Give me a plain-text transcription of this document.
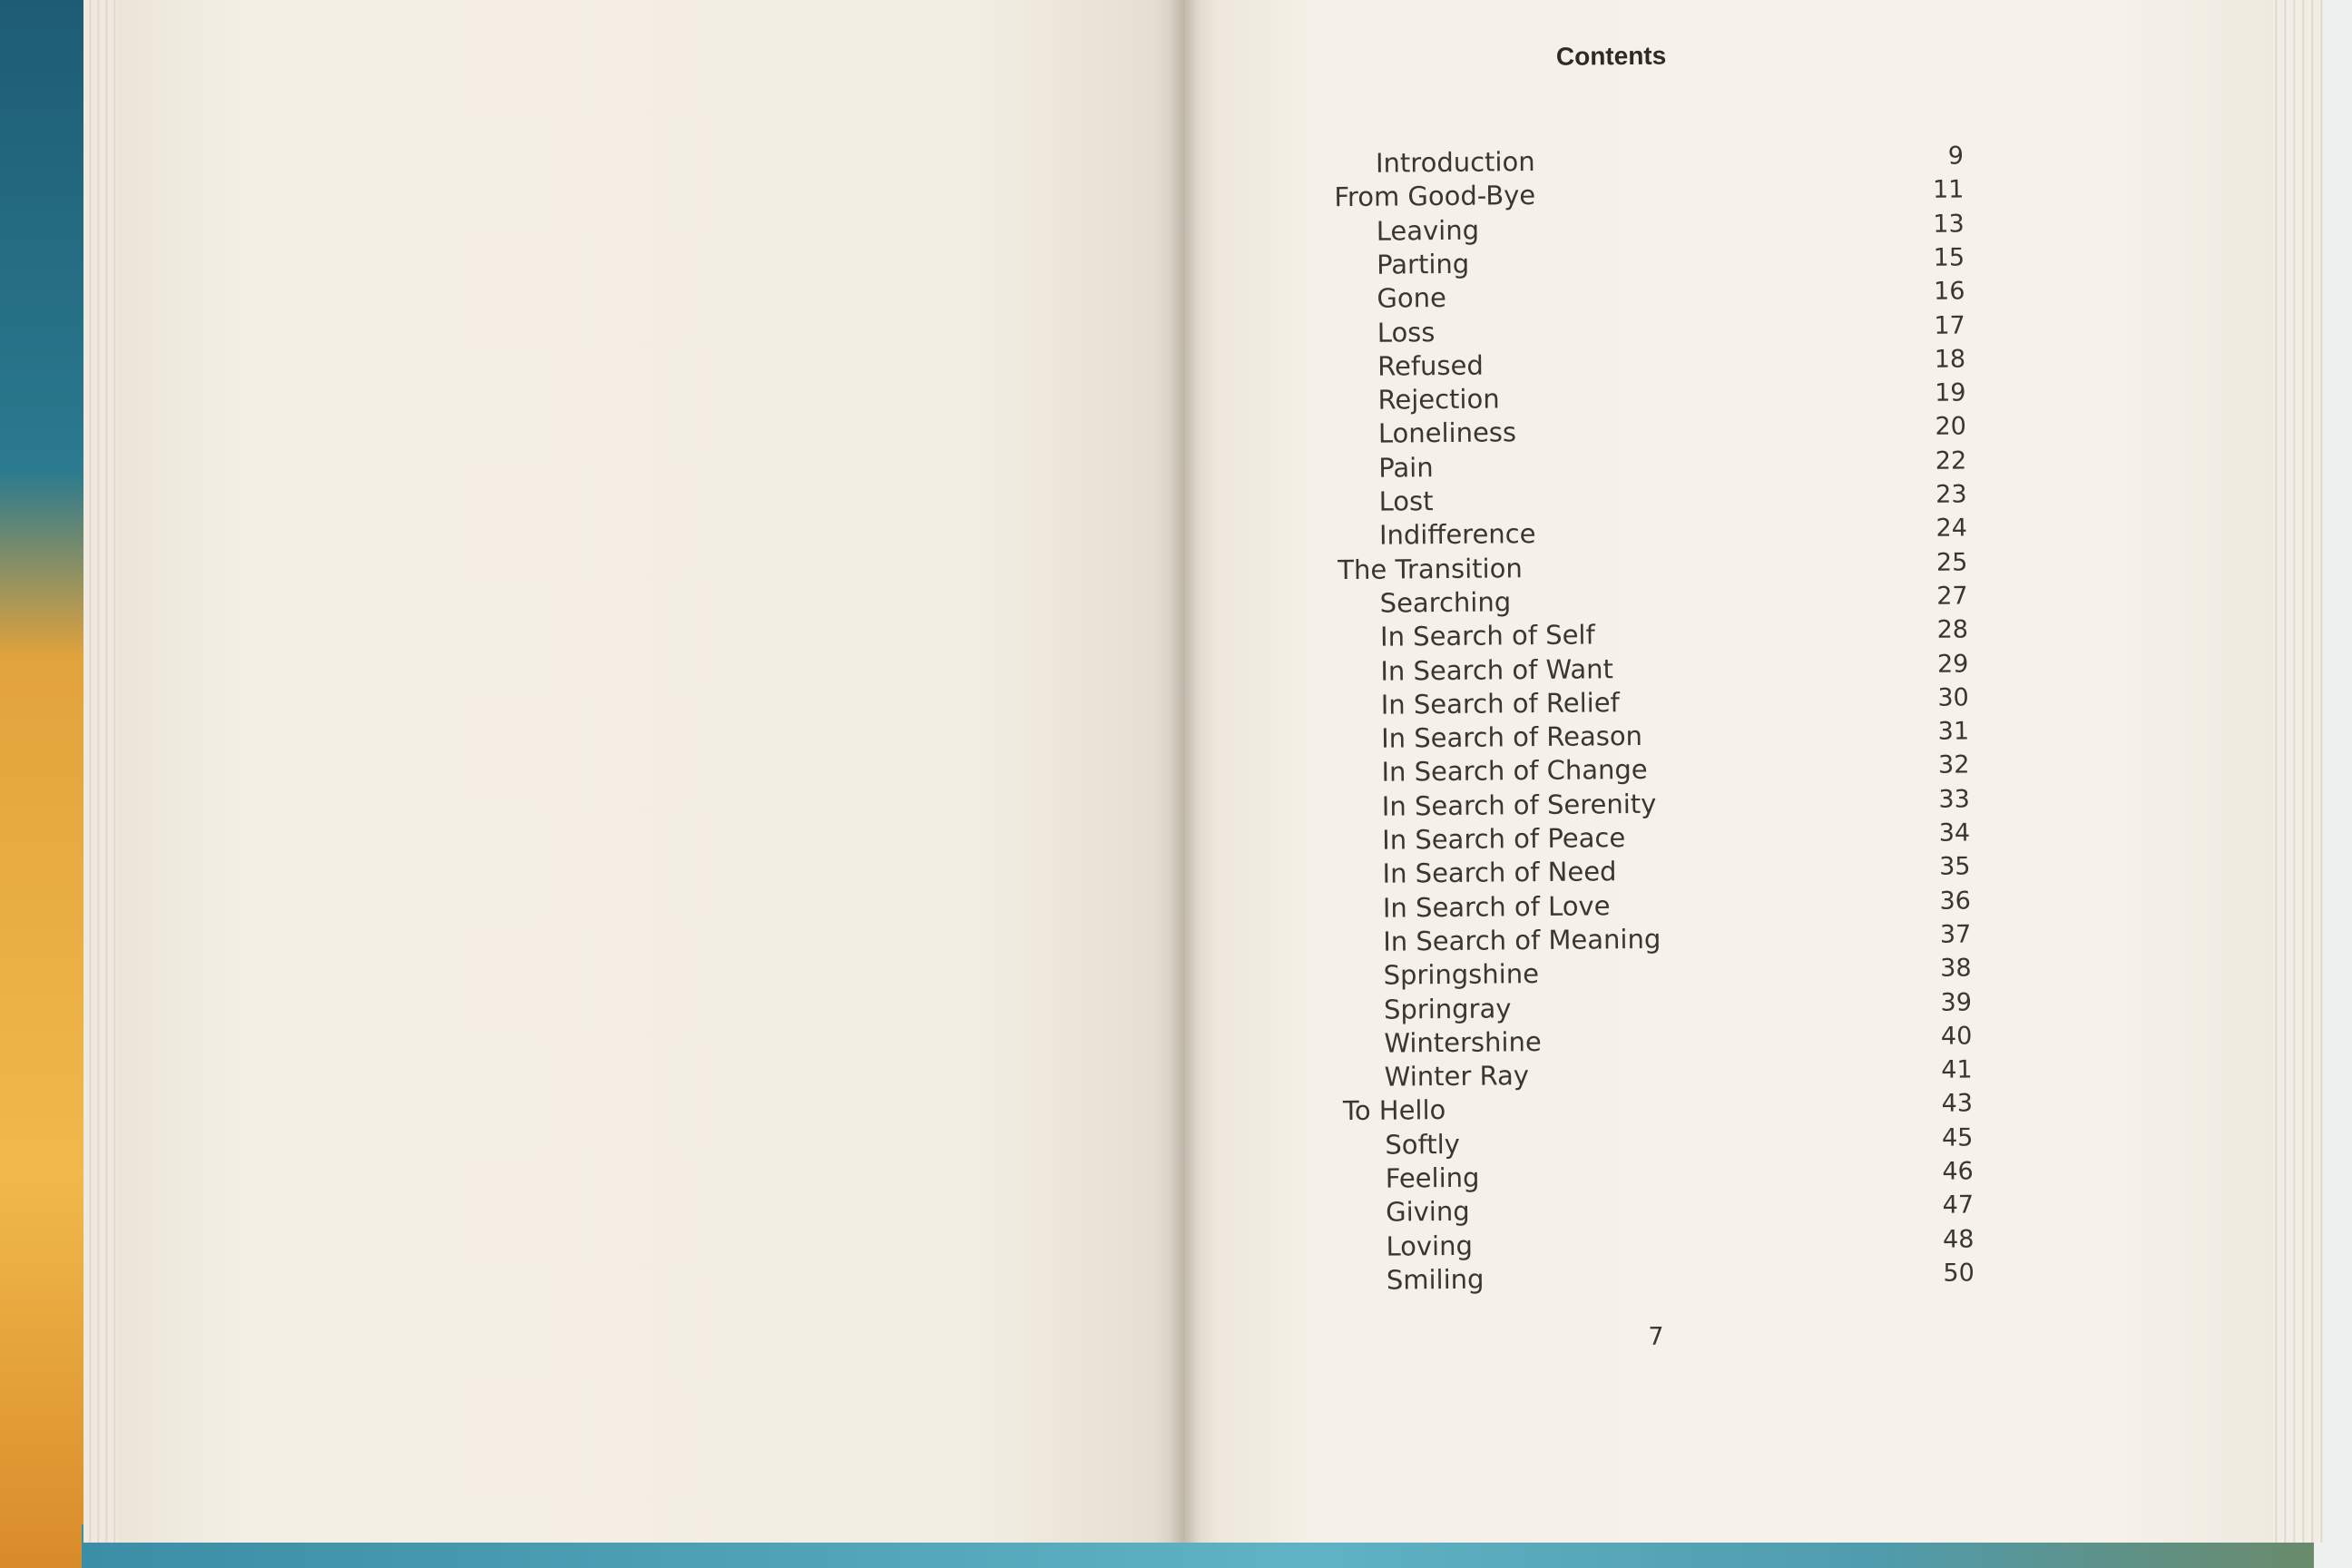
Contents
Introduction	9
From Good-Bye	11
Leaving	13
Parting	15
Gone	16
Loss	17
Refused	18
Rejection	19
Loneliness	20
Pain	22
Lost	23
Indifference	24
The Transition	25
Searching	27
In Search of Self	28
In Search of Want	29
In Search of Relief	30
In Search of Reason	31
In Search of Change	32
In Search of Serenity	33
In Search of Peace	34
In Search of Need	35
In Search of Love	36
In Search of Meaning	37
Springshine	38
Springray	39
Wintershine	40
Winter Ray	41
To Hello	43
Softly	45
Feeling	46
Giving	47
Loving	48
Smiling	50
7
